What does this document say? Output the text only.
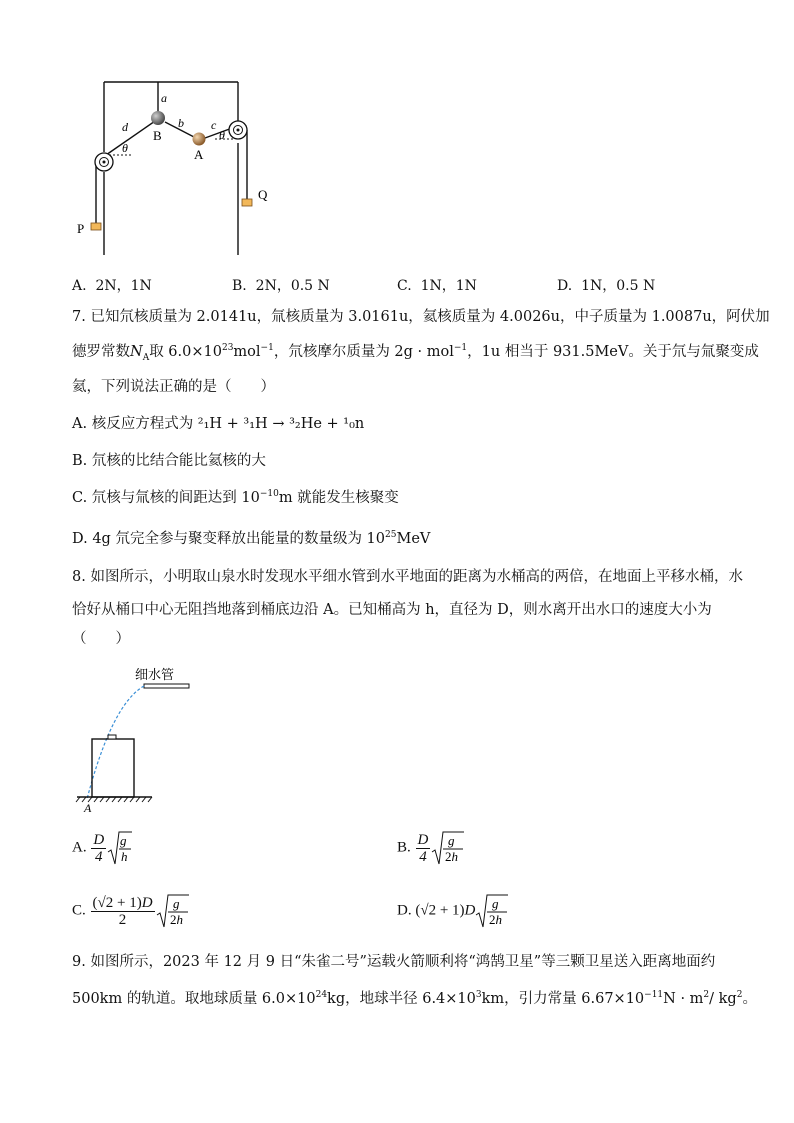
a
d
B
b c
θ
θ
A
P
Q
A. 2N，1N	B. 2N，0.5 N	C. 1N，1N	D. 1N，0.5 N
7. 已知氘核质量为 2.0141u，氚核质量为 3.0161u，氦核质量为 4.0026u，中子质量为 1.0087u，阿伏加
德罗常数$N_A$取 $6.0\times 10^{23}mol^{-1}$，氘核摩尔质量为 2g · mol$^{-1}$，1u 相当于 931.5MeV。关于氘与氚聚变成
氦，下列说法正确的是（　　）
A. 核反应方程式为 ²₁H + ³₁H → ³₂He + ¹₀n
B. 氘核的比结合能比氦核的大
C. 氘核与氚核的间距达到 $10^{-10}m$ 就能发生核聚变
D. 4g 氘完全参与聚变释放出能量的数量级为 $10^{25}MeV$
8. 如图所示，小明取山泉水时发现水平细水管到水平地面的距离为水桶高的两倍，在地面上平移水桶，水
恰好从桶口中心无阻挡地落到桶底边沿 A。已知桶高为 h，直径为 D，则水离开出水口的速度大小为
（　　）
细水管
A
A. $\frac{D}{4}$ g
h
B. $\frac{D}{4}$ g
2h
C. $\frac{(√2 + 1)D}{2}$ g
2h
D. (√2 + 1)D g
2h
9. 如图所示，2023 年 12 月 9 日“朱雀二号”运载火箭顺利将“鸿鹄卫星”等三颗卫星送入距离地面约
500km 的轨道。取地球质量 $6.0\times 10^{24}kg$，地球半径 $6.4\times 10^3km$，引力常量 $6.67\times 10^{-11}N \cdot m^2/$ $kg^2$。
